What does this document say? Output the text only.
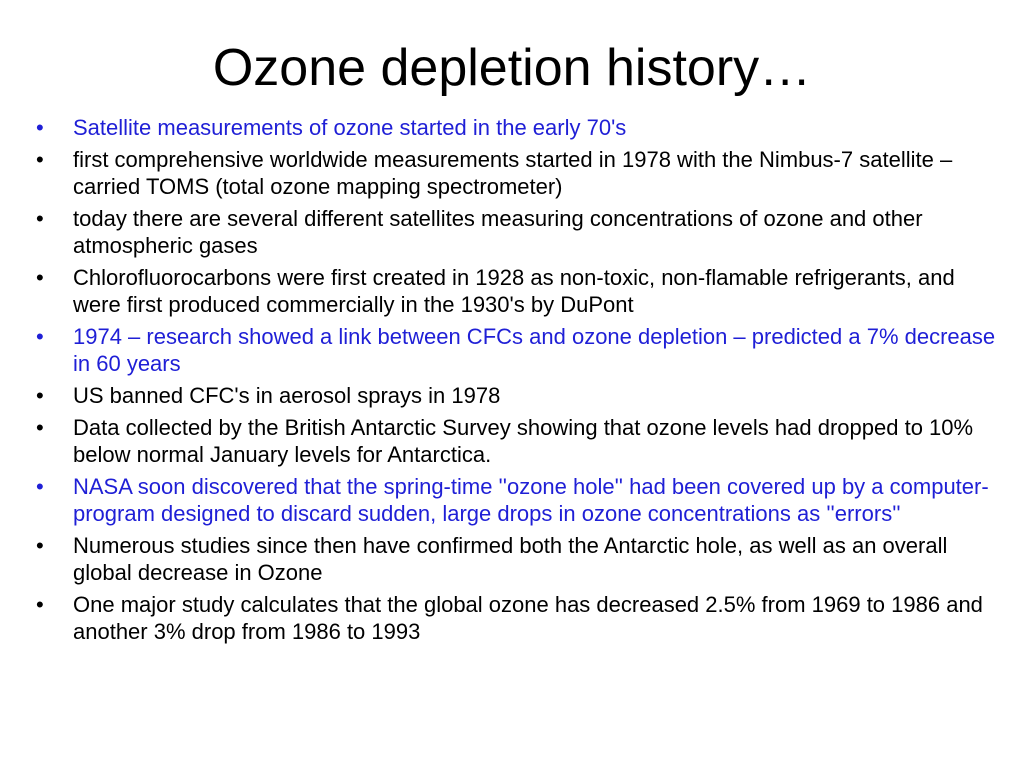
Ozone depletion history…
•	Satellite measurements of ozone started in the early 70's
•	first comprehensive worldwide measurements started in 1978 with the Nimbus-7 satellite – carried TOMS (total ozone mapping spectrometer)
•	today there are several different satellites measuring concentrations of ozone and other atmospheric gases
•	Chlorofluorocarbons were first created in 1928 as non-toxic, non-flamable refrigerants, and were first produced commercially in the 1930's by DuPont
•	1974 – research showed a link between CFCs and ozone depletion – predicted a 7% decrease in 60 years
•	US banned CFC's in aerosol sprays in 1978
•	Data collected by the British Antarctic Survey showing that ozone levels had dropped to 10% below normal January levels for Antarctica.
•	NASA soon discovered that the spring-time ''ozone hole'' had been covered up by a computer-program designed to discard sudden, large drops in ozone concentrations as ''errors''
•	Numerous studies since then have confirmed both the Antarctic hole, as well as an overall global decrease in Ozone
•	One major study calculates that the global ozone has decreased 2.5% from 1969 to 1986 and another 3% drop from 1986 to 1993
